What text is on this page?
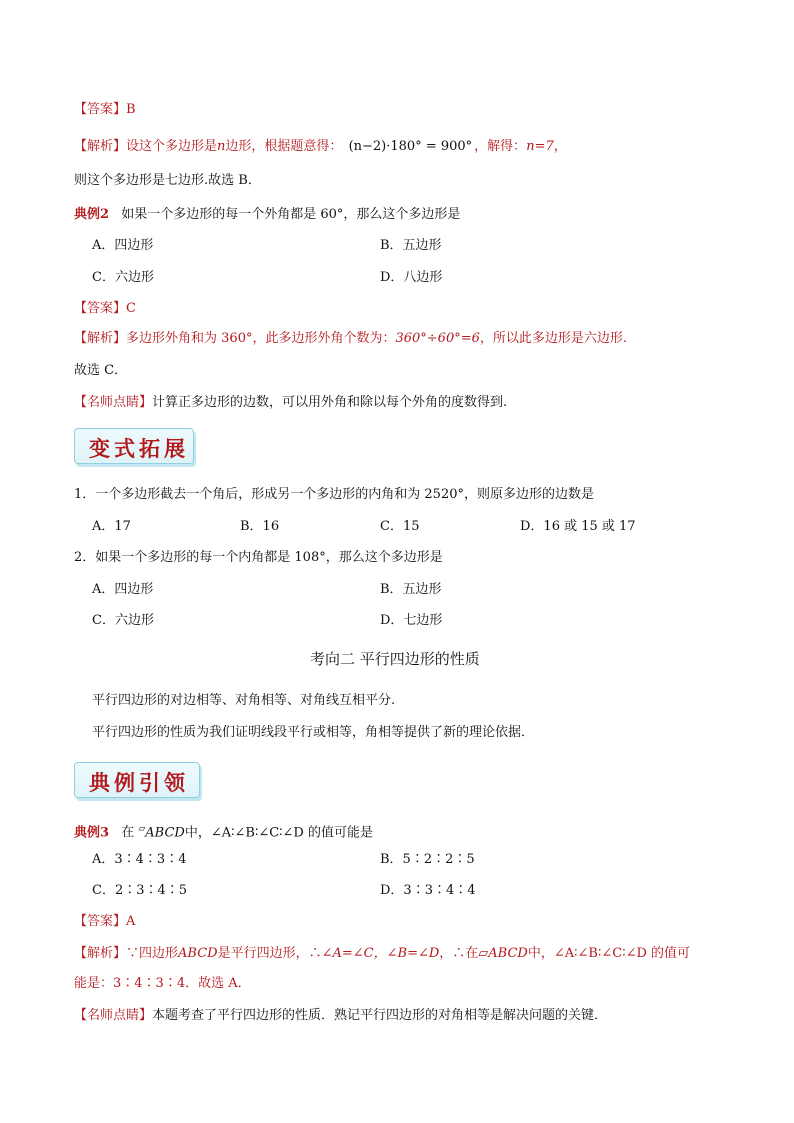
【答案】B
【解析】设这个多边形是n边形，根据题意得： (n−2)·180° = 900° ，解得：n=7，
则这个多边形是七边形.故选 B．
典例2 如果一个多边形的每一个外角都是 60°，那么这个多边形是
A．四边形	B．五边形
C．六边形	D．八边形
【答案】C
【解析】多边形外角和为 360°，此多边形外角个数为：360°÷60°=6，所以此多边形是六边形.
故选 C．
【名师点睛】计算正多边形的边数，可以用外角和除以每个外角的度数得到.
变式拓展
1．一个多边形截去一个角后，形成另一个多边形的内角和为 2520°，则原多边形的边数是
A．17	B．16	C．15	D．16 或 15 或 17
2．如果一个多边形的每一个内角都是 108°，那么这个多边形是
A．四边形	B．五边形
C．六边形	D．七边形
考向二 平行四边形的性质
平行四边形的对边相等、对角相等、对角线互相平分.
平行四边形的性质为我们证明线段平行或相等，角相等提供了新的理论依据．
典例引领
典例3 在 ▱ABCD中，∠A∶∠B∶∠C∶∠D 的值可能是
A．3∶4∶3∶4	B．5∶2∶2∶5
C．2∶3∶4∶5	D．3∶3∶4∶4
【答案】A
【解析】∵四边形ABCD是平行四边形，∴∠A=∠C，∠B=∠D，∴在▱ABCD中，∠A∶∠B∶∠C∶∠D 的值可
能是：3∶4∶3∶4．故选 A．
【名师点睛】本题考查了平行四边形的性质．熟记平行四边形的对角相等是解决问题的关键．
